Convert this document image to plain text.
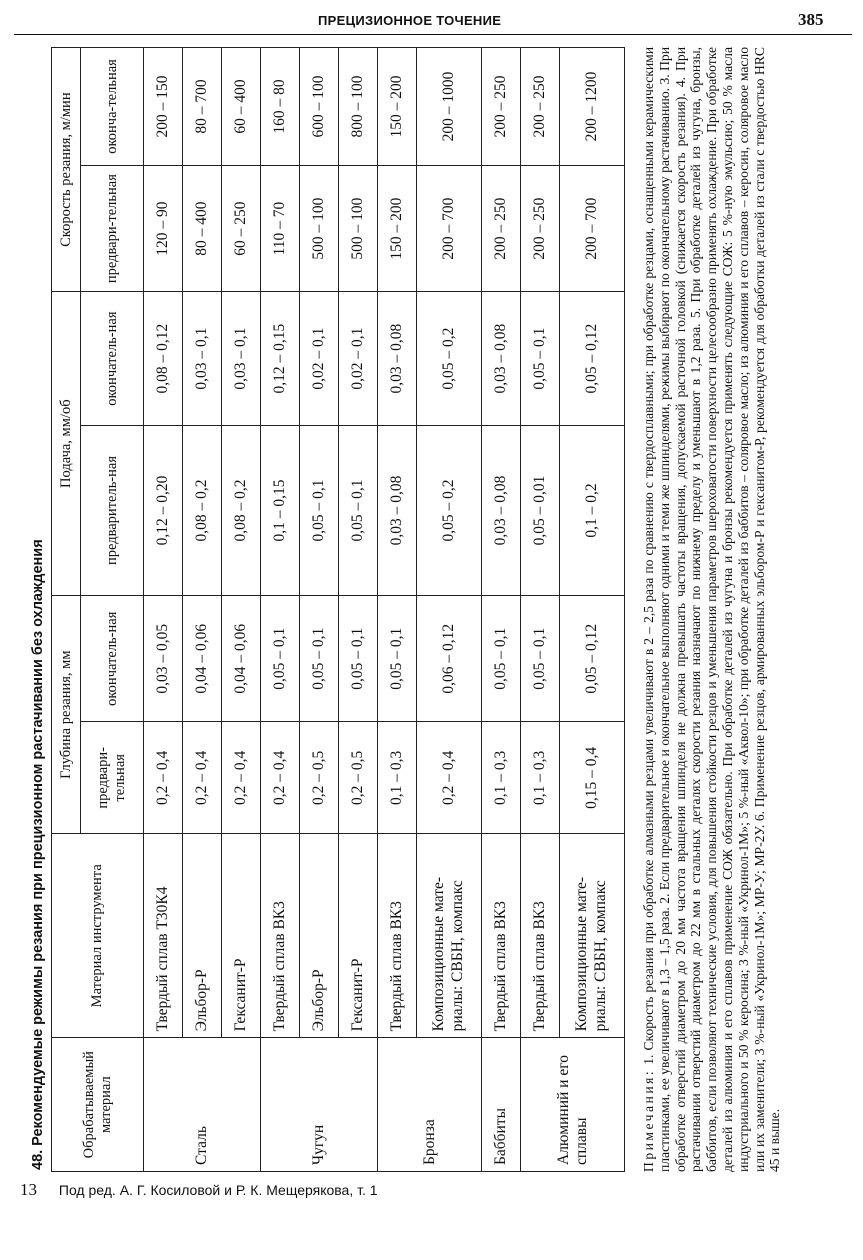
ПРЕЦИЗИОННОЕ ТОЧЕНИЕ	385
48. Рекомендуемые режимы резания при прецизионном растачивании без охлаждения	Обрабатываемый материал	Материал инструмента	Глубина резания, мм		Подача, мм/об		Скорость резания, м/мин	
		предвари-тельная	окончатель-ная	предваритель-ная	окончатель-ная	предвари-тельная	оконча-тельная
Сталь	Твердый сплав Т30К4	0,2 – 0,4	0,03 – 0,05	0,12 – 0,20	0,08 – 0,12	120 – 90	200 – 150
	Эльбор-Р	0,2 – 0,4	0,04 – 0,06	0,08 – 0,2	0,03 – 0,1	80 – 400	80 – 700
	Гексанит-Р	0,2 – 0,4	0,04 – 0,06	0,08 – 0,2	0,03 – 0,1	60 – 250	60 – 400
Чугун	Твердый сплав ВК3	0,2 – 0,4	0,05 – 0,1	0,1 – 0,15	0,12 – 0,15	110 – 70	160 – 80
	Эльбор-Р	0,2 – 0,5	0,05 – 0,1	0,05 – 0,1	0,02 – 0,1	500 – 100	600 – 100
	Гексанит-Р	0,2 – 0,5	0,05 – 0,1	0,05 – 0,1	0,02 – 0,1	500 – 100	800 – 100
Бронза	Твердый сплав ВК3	0,1 – 0,3	0,05 – 0,1	0,03 – 0,08	0,03 – 0,08	150 – 200	150 – 200
	Композиционные мате-риалы: СВБН, компакс	0,2 – 0,4	0,06 – 0,12	0,05 – 0,2	0,05 – 0,2	200 – 700	200 – 1000
Баббиты	Твердый сплав ВК3	0,1 – 0,3	0,05 – 0,1	0,03 – 0,08	0,03 – 0,08	200 – 250	200 – 250
Алюминий и его сплавы	Твердый сплав ВК3	0,1 – 0,3	0,05 – 0,1	0,05 – 0,01	0,05 – 0,1	200 – 250	200 – 250
	Композиционные мате-риалы: СВБН, компакс	0,15 – 0,4	0,05 – 0,12	0,1 – 0,2	0,05 – 0,12	200 – 700	200 – 1200
Примечания: 1. Скорость резания при обработке алмазными резцами увеличивают в 2 – 2,5 раза по сравнению с твердосплавными; при обработке резцами, оснащенными керамическими пластинками, ее увеличивают в 1,3 – 1,5 раза. 2. Если предварительное и окончательное выполняют одними и теми же шпинделями, режимы выбирают по окончательному растачиванию. 3. При обработке отверстий диаметром до 20 мм частота вращения шпинделя не должна превышать частоты вращения, допускаемой расточной головкой (снижается скорость резания). 4. При растачивании отверстий диаметром до 22 мм в стальных деталях скорости резания назначают по нижнему пределу и уменьшают в 1,2 раза. 5. При обработке деталей из чугуна, бронзы, баббитов, если позволяют технические условия, для повышения стойкости резцов и уменьшения параметров шероховатости поверхности целесообразно применять охлаждение. При обработке деталей из алюминия и его сплавов применение СОЖ обязательно. При обработке деталей из чугуна и бронзы рекомендуется применять следующие СОЖ: 5 %-ную эмульсию; 50 % масла индустриального и 50 % керосина; 3 %-ный «Укринол-1М»; 5 %-ный «Аквол-10»; при обработке деталей из баббитов – соляровое масло; из алюминия и его сплавов – керосин, соляровое масло или их заменители; 3 %-ный «Укринол-1М»; МР-У; МР-2У. 6. Применение резцов, армированных эльбором-Р и гексанитом-Р, рекомендуется для обработки деталей из стали с твердостью HRC 45 и выше.
13 Под ред. А. Г. Косиловой и Р. К. Мещерякова, т. 1
